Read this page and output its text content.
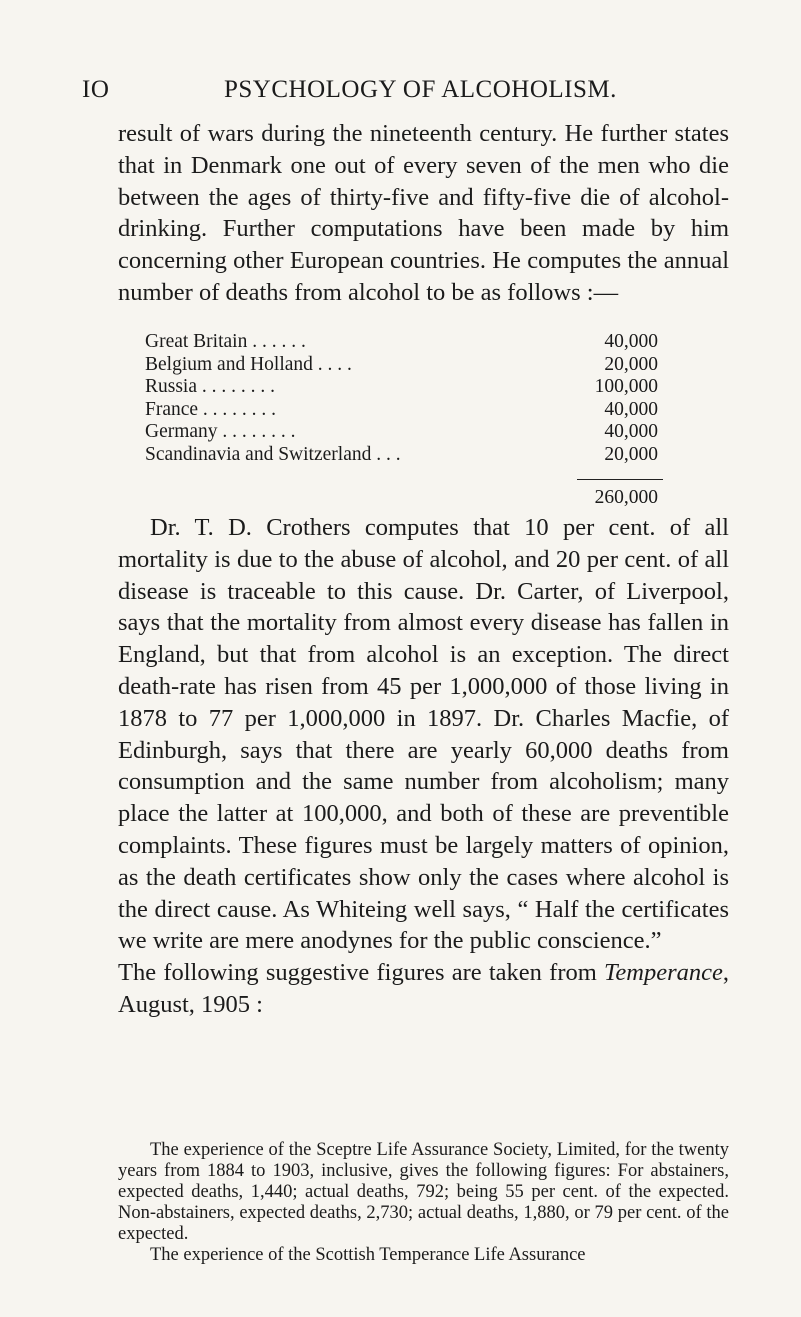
IO	PSYCHOLOGY OF ALCOHOLISM.

result of wars during the nineteenth century. He further states that in Denmark one out of every seven of the men who die between the ages of thirty-five and fifty-five die of alcohol-drinking. Further computations have been made by him concerning other European countries. He computes the annual number of deaths from alcohol to be as follows :—

Great Britain . . . . . .	40,000
Belgium and Holland . . . .	20,000
Russia . . . . . . . .	100,000
France . . . . . . . .	40,000
Germany . . . . . . . .	40,000
Scandinavia and Switzerland . . .	20,000
260,000

Dr. T. D. Crothers computes that 10 per cent. of all mortality is due to the abuse of alcohol, and 20 per cent. of all disease is traceable to this cause. Dr. Carter, of Liverpool, says that the mortality from almost every disease has fallen in England, but that from alcohol is an exception. The direct death-rate has risen from 45 per 1,000,000 of those living in 1878 to 77 per 1,000,000 in 1897. Dr. Charles Macfie, of Edinburgh, says that there are yearly 60,000 deaths from consumption and the same number from alcoholism; many place the latter at 100,000, and both of these are preventible complaints. These figures must be largely matters of opinion, as the death certificates show only the cases where alcohol is the direct cause. As Whiteing well says, “ Half the certificates we write are mere anodynes for the public conscience.”

The following suggestive figures are taken from Temperance, August, 1905 :

The experience of the Sceptre Life Assurance Society, Limited, for the twenty years from 1884 to 1903, inclusive, gives the following figures: For abstainers, expected deaths, 1,440; actual deaths, 792; being 55 per cent. of the expected. Non-abstainers, expected deaths, 2,730; actual deaths, 1,880, or 79 per cent. of the expected.

The experience of the Scottish Temperance Life Assurance
